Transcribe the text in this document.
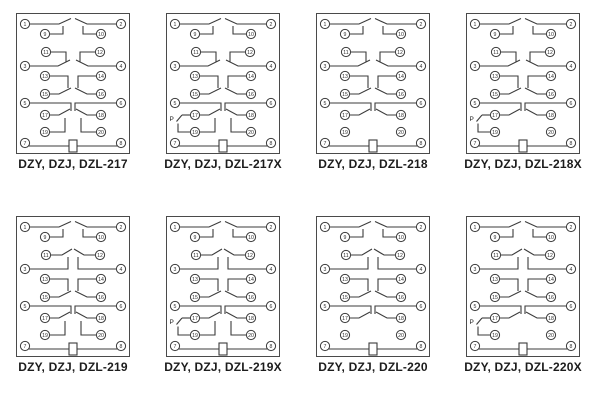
1	2
3	4
5	6
7	8
9	10
11	12
13	14
15	16
17	18
19	20
DZY, DZJ, DZL-217
P
1	2
3	4
5	6
7	8
9	10
11	12
13	14
15	16
17	18
19	20
DZY, DZJ, DZL-217X
1	2
3	4
5	6
7	8
9	10
11	12
13	14
15	16
17	18
19	20
DZY, DZJ, DZL-218
P
1	2
3	4
5	6
7	8
9	10
11	12
13	14
15	16
17	18
19	20
DZY, DZJ, DZL-218X
1	2
3	4
5	6
7	8
9	10
11	12
13	14
15	16
17	18
19	20
DZY, DZJ, DZL-219
P
1	2
3	4
5	6
7	8
9	10
11	12
13	14
15	16
17	18
19	20
DZY, DZJ, DZL-219X
1	2
3	4
5	6
7	8
9	10
11	12
13	14
15	16
17	18
19	20
DZY, DZJ, DZL-220
P
1	2
3	4
5	6
7	8
9	10
11	12
13	14
15	16
17	18
19	20
DZY, DZJ, DZL-220X
